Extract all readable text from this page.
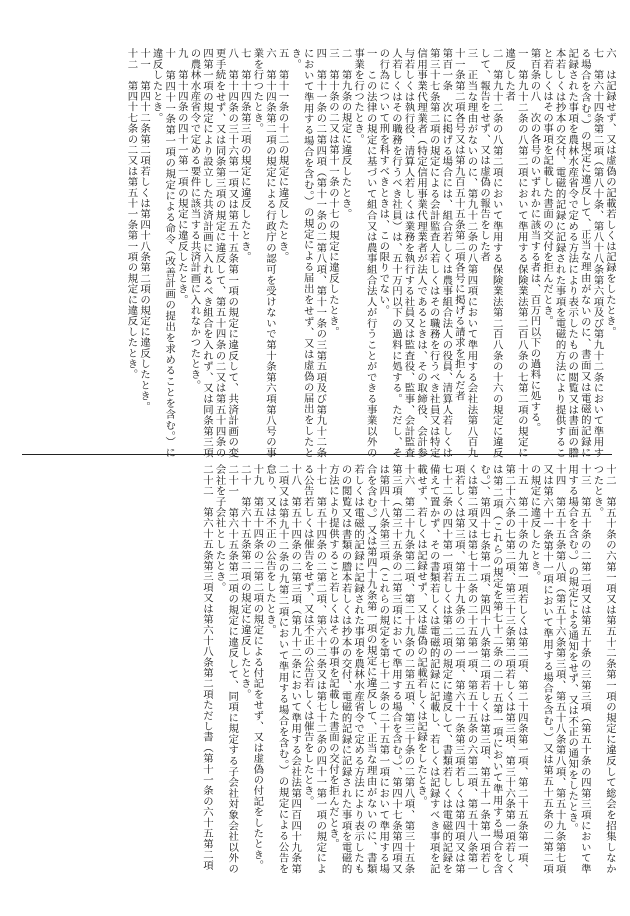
六　は記録せず、又は虚偽の記載若しくは記録をしたとき。

七　第六十四条第二項（第八十条、第八十八条第六項及び第九十二条において準用する場合を含む。）の規定に違反して、正当な理由がないのに、書面又は電磁的記録に記録された事項を農林水産省令で定める方法により表示したものの閲覧又は書面の謄本若しくは抄本の交付、電磁的記録に記録された事項を電磁的方法により提供すること若しくはその事項を記載した書面の交付を拒んだとき。

第百条の八　次の各号のいずれかに該当する者は、百万円以下の過料に処する。

一　第九十二条の八第二項において準用する保険業法第二百八条の七第二項の規定に違反した者

二　第九十二条の八第二項において準用する保険業法第二百八条の十六の規定に違反して、報告をせず、又は虚偽の報告をした者

三　正当な理由がないのに、第九十二条の八第四項において準用する会社法第八百九十一条第二項各号又は第九百五十五条第二項各号に掲げる請求を拒んだ者

第百一条　次に掲げる場合には、組合若しくは農事組合法人の役員、清算人若しくは第三十七条第二項の規定による会計監査人若しくはその職務を行うべき社員又は特定信用事業代理業者（特定信用事業代理業者が法人であるときは、その取締役、会計参与若しくは執行役、清算人若しくは業務を執行する社員又は監査役、監事、会計監査人若しくはその職務を行うべき社員）は、五十万円以下の過料に処する。ただし、その行為について刑を科すべきときは、この限りでない。

一　この法律の規定に基づいて組合又は農事組合法人が行うことができる事業以外の事業を行つたとき。

二　第九条の規定に違反したとき。

三　第十条の二又は第十一条の十七の規定に違反したとき。

四　第十一条の二第四項（第十一条の二第八項、第十一条の三第五項及び第九十二条において準用する場合を含む。）の規定による届出をせず、又は虚偽の届出をしたとき。

五　第十一条の十二の規定に違反したとき。

六　第十四条第二項の規定による行政庁の認可を受けないで第十条第六項第八号の事業を行つたとき。

七　第十四条第三項の規定に違反したとき。

八　第十四条の三十六第一項又は第五十五条第一項の規定に違反して、共済計画の変更手続をせず、又は同条第三項の規定に違反して、第五十四条の二又は第五十四条の四第一項の規定により設立した共済計画に入れるべき組合を入れず、又は同条第三項の農林水産省令で定める要件に該当する共済計画に入れなかつたとき。

九　第十四条の四十一第一項の規定に違反したとき。

十　第四十一条第一項の規定による命令（改善計画の提出を求めることを含む。）に違反したとき。

十一　第四十二条第二項若しくは第四十八条第二項の規定に違反したとき。

十二　第四十七条の二又は第五十一条第一項の規定に違反したとき。

十二　第五十条の六第一項又は第五十二条第一項の規定に違反して総会を招集しなかつたとき。

十三　第五十条の二第二項又は第五十条の三第三項（第五十条の四第三項において準用する場合を含む。）の規定による通知をせず、又は不正の通知をしたとき。

十四　第五十五条第八項（第五十六条第三項、第五十八条第八項、第五十九条第七項又は第六十一条第十一項において準用する場合を含む。）又は第五十五条の二第二項の規定に違反したとき。

十五　第二十条の九第一項若しくは第二項、第二十四条第一項、第二十五条第一項、第二十六条の七第二項、第三十三条第二項若しくは第三項、第三十六条第一項若しくは第二項（これらの規定を第七十二条の二十五第一項において準用する場合を含む。）、第四十七条第一項、第四十八条第二項若しくは第三項、第五十一条第一項若しくは第二項又は第七十二条の二十五第一項、第五十五条の六第二項、第五十八条第一項若しくは第三項、第五十九条の二第一項、第六十一条第三項若しくは第四項又は第七十二条の四十第一項若しくは第二項の規定に違反して、書類若しくは電磁的記録を備えて置かず、その書類若しくは電磁的記録に記載し、若しくは記録すべき事項を記載せず、若しくは記録せず、又は虚偽の記載若しくは記録をしたとき。

十六　第二十九条第二項、第二十九条の二第五項、第三十条の二第八項、第三十五条第三項（第三十五条の二第三項において準用する場合を含む。）、第四十七条第四項又は第四十八条第三項（これらの規定を第七十二条の二十五第一項において準用する場合を含む。）又は第四十九条第一項の規定に違反して、正当な理由がないのに、書類若しくは電磁的記録に記録された事項を農林水産省令で定める方法により表示したものの閲覧又は書類の謄本若しくは抄本の交付、電磁的記録に記録された事項を電磁的方法により提供すること若しくはその事項を記載した書面の交付を拒んだとき。

十七　第五十四条の二第二項、第六十二条又は第七十二条の四十一第一項の規定による公告若しくは催告をせず、又は不正の公告若しくは催告をしたとき。

十八　第五十四条の二第三項（第九十二条において準用する会社法第四百四十九条第二項又は第九十二条の九第二項において準用する場合を含む。）の規定による公告を怠り、又は不正の公告をしたとき。

十九　第五十四条の二第二項の規定による付記をせず、又は虚偽の付記をしたとき。

二十　第六十五条第二項の規定に違反したとき。

二十一　第六十五条第二項の規定に違反して、同項に規定する子会社対象会社以外の会社を子会社としたとき。

二十二　第六十五条第三項又は第六十八条第二項ただし書（第十一条の六十五第二項
